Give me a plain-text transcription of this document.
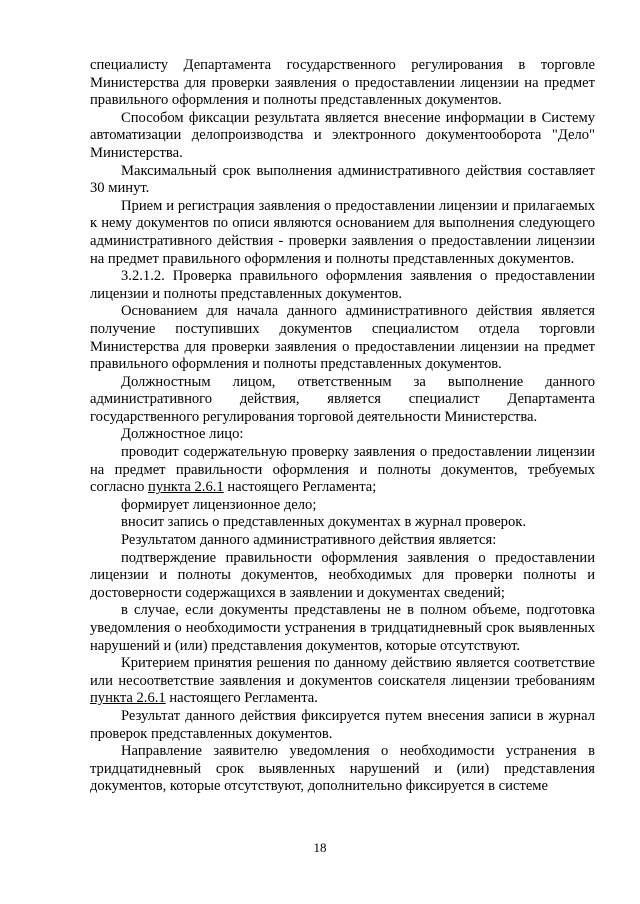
специалисту Департамента государственного регулирования в торговле Министерства для проверки заявления о предоставлении лицензии на предмет правильного оформления и полноты представленных документов.

Способом фиксации результата является внесение информации в Систему автоматизации делопроизводства и электронного документооборота "Дело" Министерства.

Максимальный срок выполнения административного действия составляет 30 минут.

Прием и регистрация заявления о предоставлении лицензии и прилагаемых к нему документов по описи являются основанием для выполнения следующего административного действия - проверки заявления о предоставлении лицензии на предмет правильного оформления и полноты представленных документов.

3.2.1.2. Проверка правильного оформления заявления о предоставлении лицензии и полноты представленных документов.

Основанием для начала данного административного действия является получение поступивших документов специалистом отдела торговли Министерства для проверки заявления о предоставлении лицензии на предмет правильного оформления и полноты представленных документов.

Должностным лицом, ответственным за выполнение данного административного действия, является специалист Департамента государственного регулирования торговой деятельности Министерства.

Должностное лицо:

проводит содержательную проверку заявления о предоставлении лицензии на предмет правильности оформления и полноты документов, требуемых согласно пункта 2.6.1 настоящего Регламента;

формирует лицензионное дело;

вносит запись о представленных документах в журнал проверок.

Результатом данного административного действия является:

подтверждение правильности оформления заявления о предоставлении лицензии и полноты документов, необходимых для проверки полноты и достоверности содержащихся в заявлении и документах сведений;

в случае, если документы представлены не в полном объеме, подготовка уведомления о необходимости устранения в тридцатидневный срок выявленных нарушений и (или) представления документов, которые отсутствуют.

Критерием принятия решения по данному действию является соответствие или несоответствие заявления и документов соискателя лицензии требованиям пункта 2.6.1 настоящего Регламента.

Результат данного действия фиксируется путем внесения записи в журнал проверок представленных документов.

Направление заявителю уведомления о необходимости устранения в тридцатидневный срок выявленных нарушений и (или) представления документов, которые отсутствуют, дополнительно фиксируется в системе

18
